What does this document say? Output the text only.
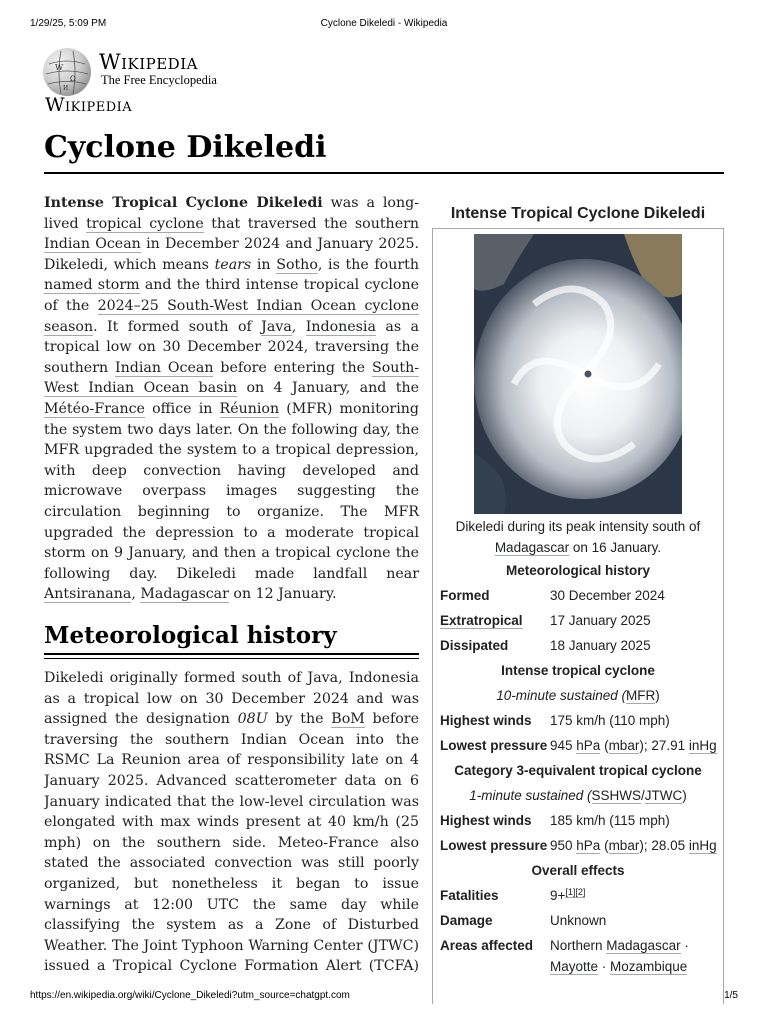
1/29/25, 5:09 PM	Cyclone Dikeledi - Wikipedia
W
Ω
И
Wikipedia
The Free Encyclopedia
Wikipedia
Cyclone Dikeledi

Intense Tropical Cyclone Dikeledi was a long-lived tropical cyclone that traversed the southern Indian Ocean in December 2024 and January 2025. Dikeledi, which means tears in Sotho, is the fourth named storm and the third intense tropical cyclone of the 2024–25 South-West Indian Ocean cyclone season. It formed south of Java, Indonesia as a tropical low on 30 December 2024, traversing the southern Indian Ocean before entering the South-West Indian Ocean basin on 4 January, and the Météo-France office in Réunion (MFR) monitoring the system two days later. On the following day, the MFR upgraded the system to a tropical depression, with deep convection having developed and microwave overpass images suggesting the circulation beginning to organize. The MFR upgraded the depression to a moderate tropical storm on 9 January, and then a tropical cyclone the following day. Dikeledi made landfall near Antsiranana, Madagascar on 12 January.

Meteorological history

Dikeledi originally formed south of Java, Indonesia as a tropical low on 30 December 2024 and was assigned the designation 08U by the BoM before traversing the southern Indian Ocean into the RSMC La Reunion area of responsibility late on 4 January 2025. Advanced scatterometer data on 6 January indicated that the low-level circulation was elongated with max winds present at 40 km/h (25 mph) on the southern side. Meteo-France also stated the associated convection was still poorly organized, but nonetheless it began to issue warnings at 12:00 UTC the same day while classifying the system as a Zone of Disturbed Weather. The Joint Typhoon Warning Center (JTWC) issued a Tropical Cyclone Formation Alert (TCFA)

Intense Tropical Cyclone Dikeledi
Dikeledi during its peak intensity south of Madagascar on 16 January.
Meteorological history
Formed	30 December 2024
Extratropical	17 January 2025
Dissipated	18 January 2025
Intense tropical cyclone
10-minute sustained (MFR)
Highest winds	175 km/h (110 mph)
Lowest pressure 945 hPa (mbar); 27.91 inHg
Category 3-equivalent tropical cyclone
1-minute sustained (SSHWS/JTWC)
Highest winds	185 km/h (115 mph)
Lowest pressure 950 hPa (mbar); 28.05 inHg
Overall effects
Fatalities	9+[1][2]
Damage	Unknown
Areas affected	Northern Madagascar · Mayotte · Mozambique
https://en.wikipedia.org/wiki/Cyclone_Dikeledi?utm_source=chatgpt.com	1/5
